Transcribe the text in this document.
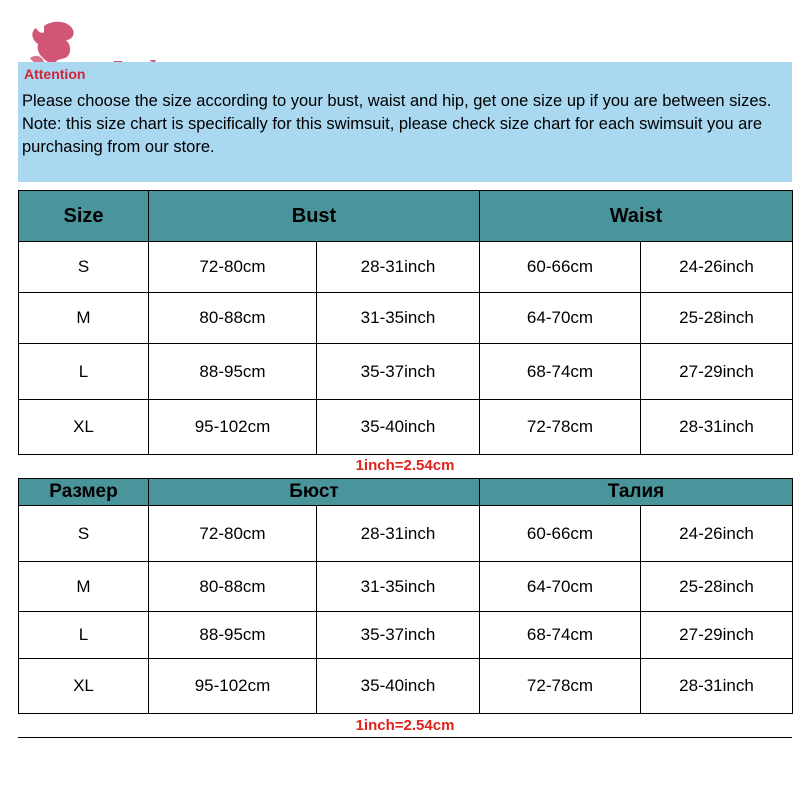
Attention
Please choose the size according to your bust, waist and hip, get one size up if you are between sizes.
Note: this size chart is specifically for this swimsuit, please check size chart for each swimsuit you are purchasing from our store.
Size	Bust		Waist	
S	72-80cm	28-31inch	60-66cm	24-26inch
M	80-88cm	31-35inch	64-70cm	25-28inch
L	88-95cm	35-37inch	68-74cm	27-29inch
XL	95-102cm	35-40inch	72-78cm	28-31inch
1inch=2.54cm
Размер	Бюст		Талия	
S	72-80cm	28-31inch	60-66cm	24-26inch
M	80-88cm	31-35inch	64-70cm	25-28inch
L	88-95cm	35-37inch	68-74cm	27-29inch
XL	95-102cm	35-40inch	72-78cm	28-31inch
1inch=2.54cm
